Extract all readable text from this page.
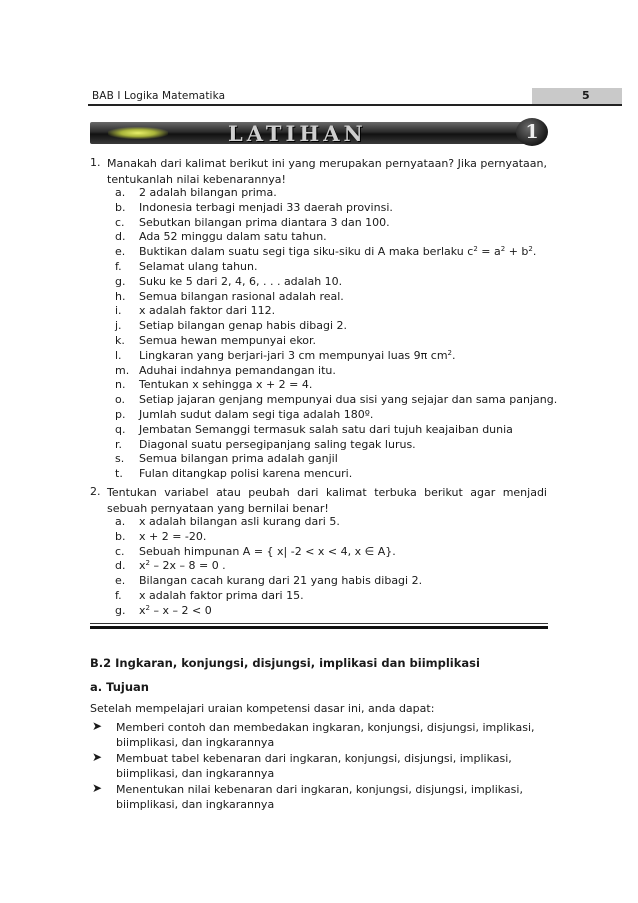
BAB I Logika Matematika	5
LATIHAN	1
1. Manakah dari kalimat berikut ini yang merupakan pernyataan? Jika pernyataan, tentukanlah nilai kebenarannya!
a. 2 adalah bilangan prima.
b. Indonesia terbagi menjadi 33 daerah provinsi.
c. Sebutkan bilangan prima diantara 3 dan 100.
d. Ada 52 minggu dalam satu tahun.
e. Buktikan dalam suatu segi tiga siku-siku di A maka berlaku $c^2 = a^2 + b^2$.
f. Selamat ulang tahun.
g. Suku ke 5 dari 2, 4, 6, . . . adalah 10.
h. Semua bilangan rasional adalah real.
i. x adalah faktor dari 112.
j. Setiap bilangan genap habis dibagi 2.
k. Semua hewan mempunyai ekor.
l. Lingkaran yang berjari-jari 3 cm mempunyai luas 9π $cm^2$.
m. Aduhai indahnya pemandangan itu.
n. Tentukan x sehingga x + 2 = 4.
o. Setiap jajaran genjang mempunyai dua sisi yang sejajar dan sama panjang.
p. Jumlah sudut dalam segi tiga adalah 180º.
q. Jembatan Semanggi termasuk salah satu dari tujuh keajaiban dunia
r. Diagonal suatu persegipanjang saling tegak lurus.
s. Semua bilangan prima adalah ganjil
t. Fulan ditangkap polisi karena mencuri.
2. Tentukan variabel atau peubah dari kalimat terbuka berikut agar menjadi sebuah pernyataan yang bernilai benar!
a. x adalah bilangan asli kurang dari 5.
b. x + 2 = -20.
c. Sebuah himpunan A = { x| -2 < x < 4, x ∈ A}.
d. $x^2 - 2x - 8 = 0$ .
e. Bilangan cacah kurang dari 21 yang habis dibagi 2.
f. x adalah faktor prima dari 15.
g. $x^2 - x - 2 < 0$
B.2 Ingkaran, konjungsi, disjungsi, implikasi dan biimplikasi
a. Tujuan
Setelah mempelajari uraian kompetensi dasar ini, anda dapat:
➤ Memberi contoh dan membedakan ingkaran, konjungsi, disjungsi, implikasi, biimplikasi, dan ingkarannya
➤ Membuat tabel kebenaran dari ingkaran, konjungsi, disjungsi, implikasi, biimplikasi, dan ingkarannya
➤ Menentukan nilai kebenaran dari ingkaran, konjungsi, disjungsi, implikasi, biimplikasi, dan ingkarannya
